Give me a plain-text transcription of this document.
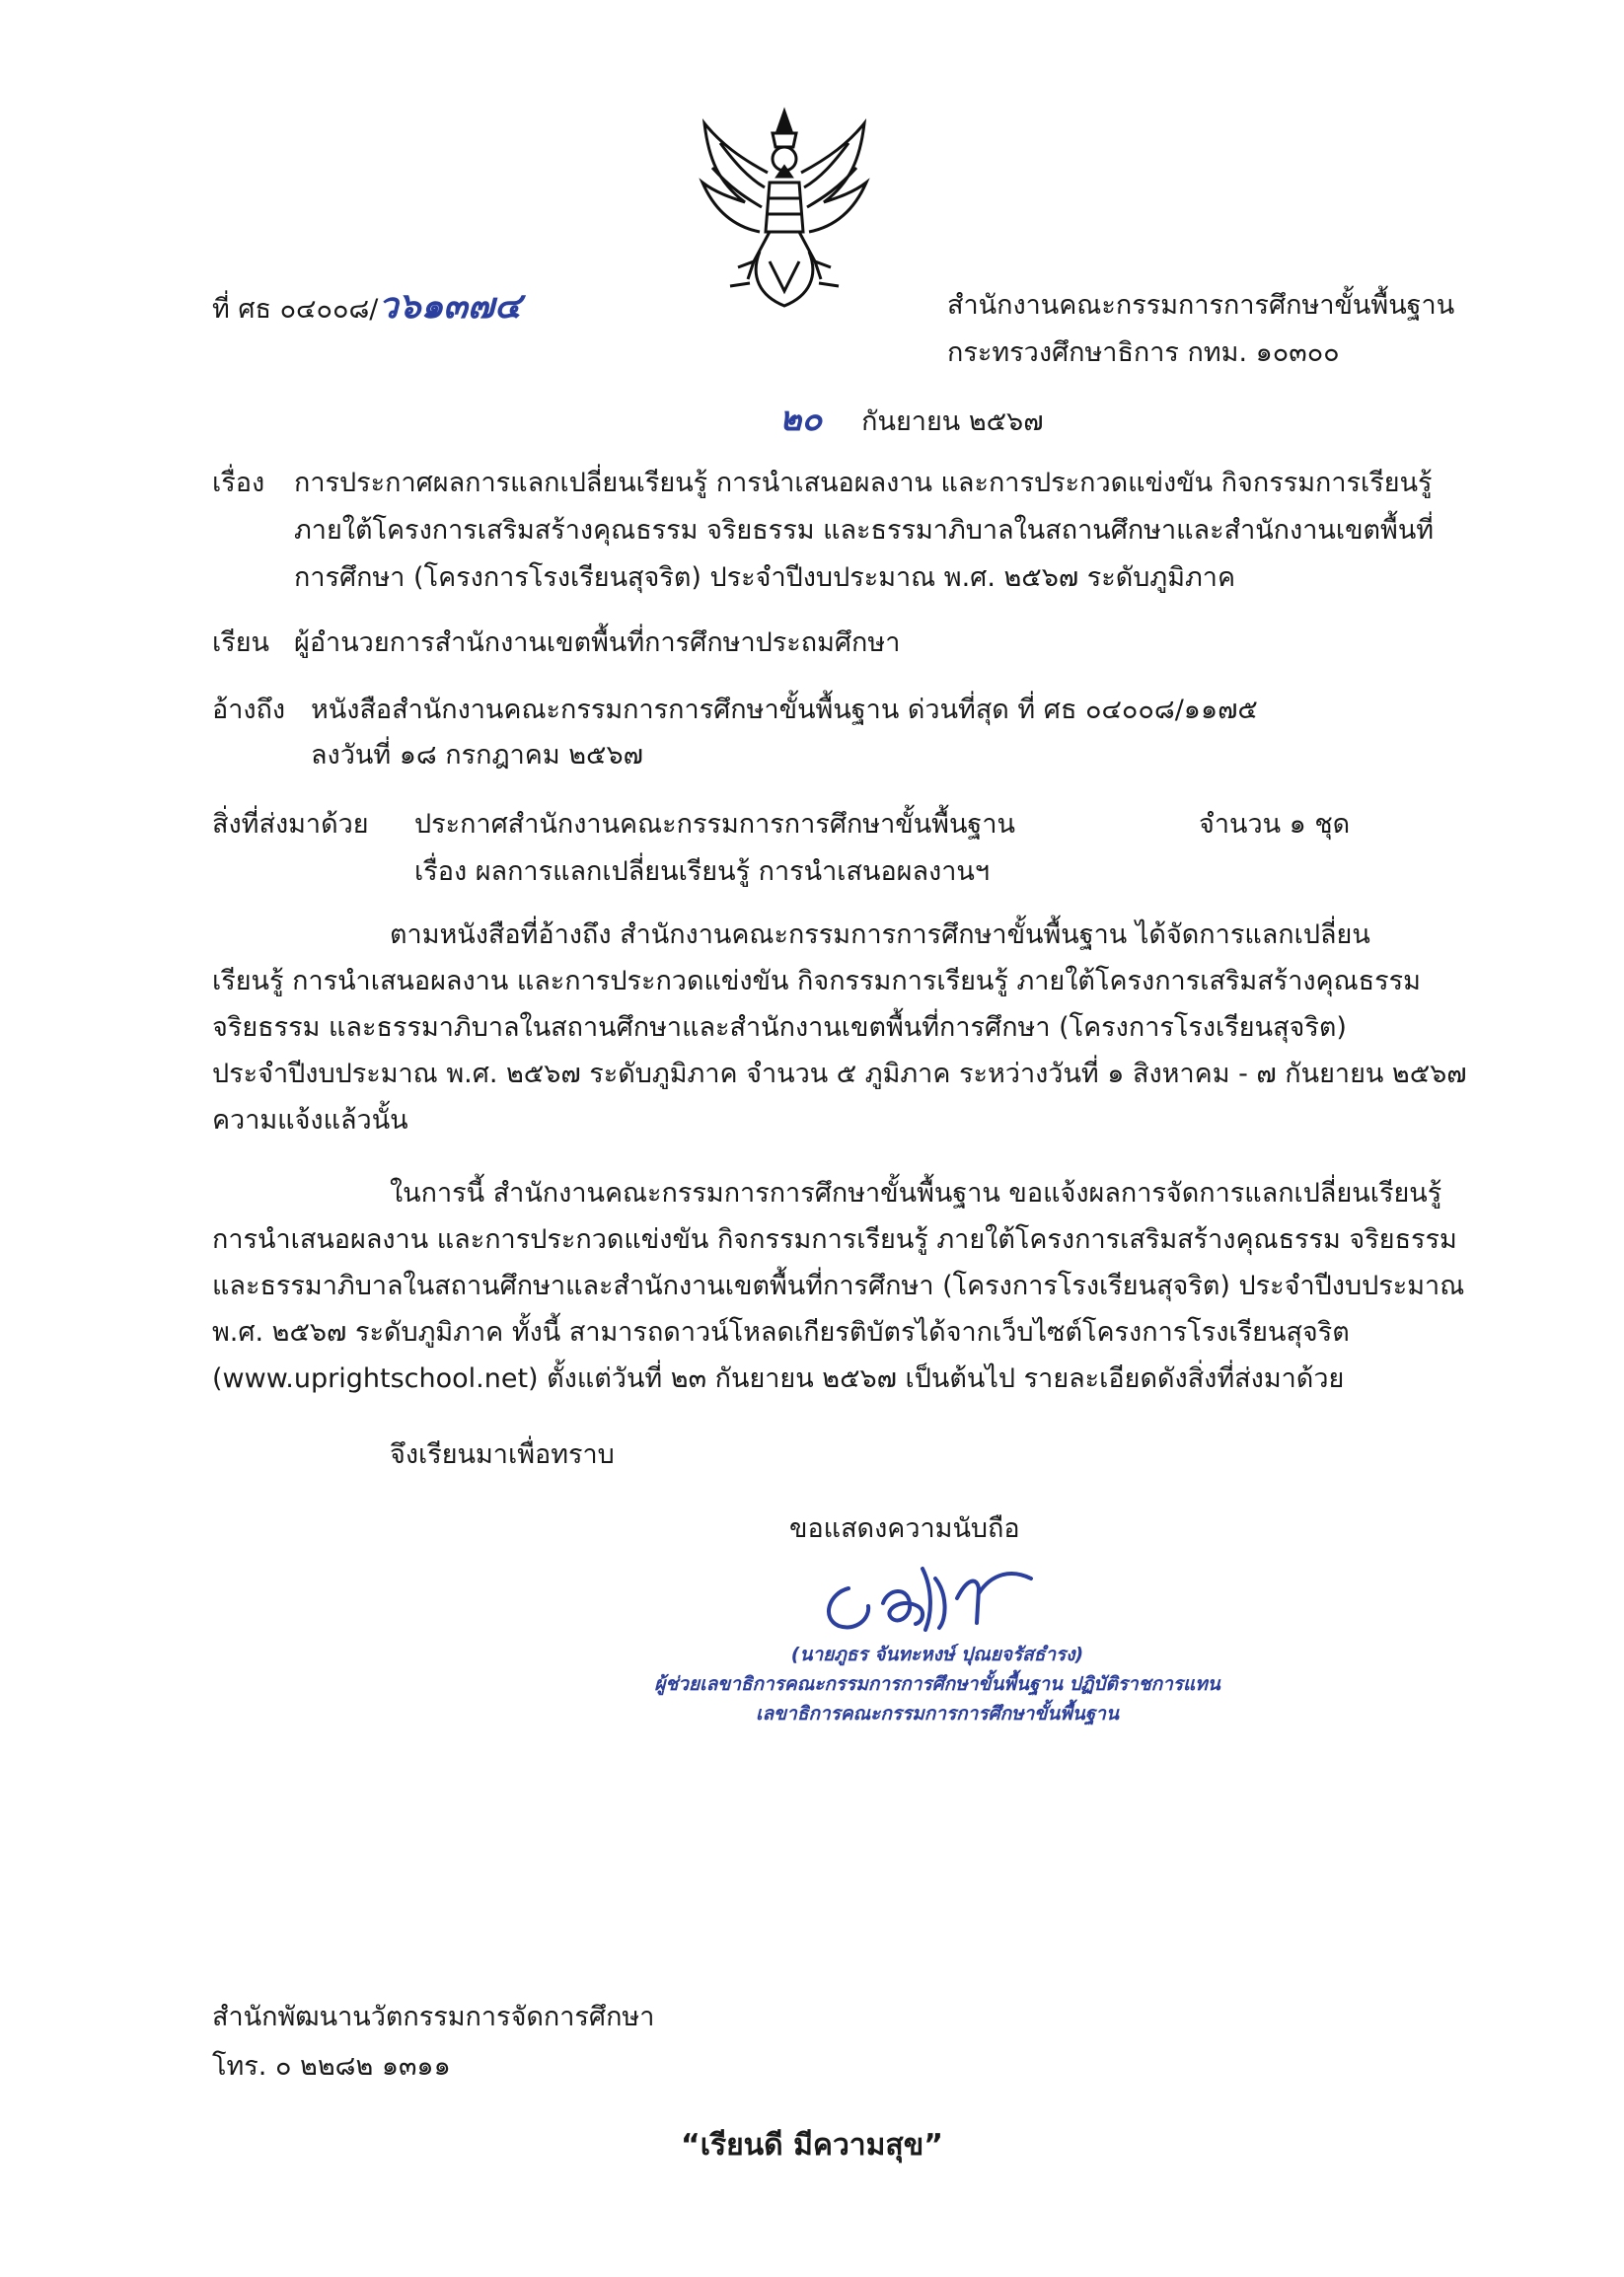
ที่ ศธ ๐๔๐๐๘/ว๖๑๓๗๔	สำนักงานคณะกรรมการการศึกษาขั้นพื้นฐาน
กระทรวงศึกษาธิการ กทม. ๑๐๓๐๐
๒๐ กันยายน ๒๕๖๗
เรื่อง การประกาศผลการแลกเปลี่ยนเรียนรู้ การนำเสนอผลงาน และการประกวดแข่งขัน กิจกรรมการเรียนรู้
ภายใต้โครงการเสริมสร้างคุณธรรม จริยธรรม และธรรมาภิบาลในสถานศึกษาและสำนักงานเขตพื้นที่
การศึกษา (โครงการโรงเรียนสุจริต) ประจำปีงบประมาณ พ.ศ. ๒๕๖๗ ระดับภูมิภาค
เรียน ผู้อำนวยการสำนักงานเขตพื้นที่การศึกษาประถมศึกษา
อ้างถึง หนังสือสำนักงานคณะกรรมการการศึกษาขั้นพื้นฐาน ด่วนที่สุด ที่ ศธ ๐๔๐๐๘/๑๑๗๕
ลงวันที่ ๑๘ กรกฎาคม ๒๕๖๗
สิ่งที่ส่งมาด้วย ประกาศสำนักงานคณะกรรมการการศึกษาขั้นพื้นฐาน
เรื่อง ผลการแลกเปลี่ยนเรียนรู้ การนำเสนอผลงานฯ
จำนวน ๑ ชุด
ตามหนังสือที่อ้างถึง สำนักงานคณะกรรมการการศึกษาขั้นพื้นฐาน ได้จัดการแลกเปลี่ยน
เรียนรู้ การนำเสนอผลงาน และการประกวดแข่งขัน กิจกรรมการเรียนรู้ ภายใต้โครงการเสริมสร้างคุณธรรม
จริยธรรม และธรรมาภิบาลในสถานศึกษาและสำนักงานเขตพื้นที่การศึกษา (โครงการโรงเรียนสุจริต)
ประจำปีงบประมาณ พ.ศ. ๒๕๖๗ ระดับภูมิภาค จำนวน ๕ ภูมิภาค ระหว่างวันที่ ๑ สิงหาคม - ๗ กันยายน ๒๕๖๗
ความแจ้งแล้วนั้น
ในการนี้ สำนักงานคณะกรรมการการศึกษาขั้นพื้นฐาน ขอแจ้งผลการจัดการแลกเปลี่ยนเรียนรู้
การนำเสนอผลงาน และการประกวดแข่งขัน กิจกรรมการเรียนรู้ ภายใต้โครงการเสริมสร้างคุณธรรม จริยธรรม
และธรรมาภิบาลในสถานศึกษาและสำนักงานเขตพื้นที่การศึกษา (โครงการโรงเรียนสุจริต) ประจำปีงบประมาณ
พ.ศ. ๒๕๖๗ ระดับภูมิภาค ทั้งนี้ สามารถดาวน์โหลดเกียรติบัตรได้จากเว็บไซต์โครงการโรงเรียนสุจริต
(www.uprightschool.net) ตั้งแต่วันที่ ๒๓ กันยายน ๒๕๖๗ เป็นต้นไป รายละเอียดดังสิ่งที่ส่งมาด้วย
จึงเรียนมาเพื่อทราบ
ขอแสดงความนับถือ
(นายภูธร จันทะหงษ์ ปุณยจรัสธำรง)
ผู้ช่วยเลขาธิการคณะกรรมการการศึกษาขั้นพื้นฐาน ปฏิบัติราชการแทน
เลขาธิการคณะกรรมการการศึกษาขั้นพื้นฐาน
สำนักพัฒนานวัตกรรมการจัดการศึกษา
โทร. ๐ ๒๒๘๒ ๑๓๑๑
“เรียนดี มีความสุข”
